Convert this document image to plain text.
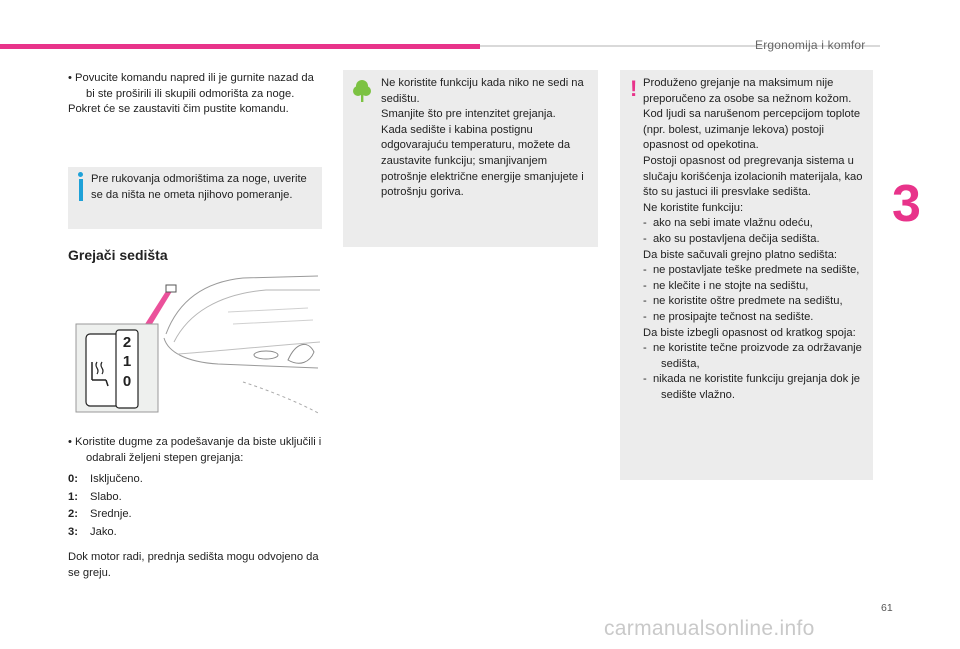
Ergonomija i komfor
3

• Povucite komandu napred ili je gurnite nazad da bi ste proširili ili skupili odmorišta za noge.

Pokret će se zaustaviti čim pustite komandu.

Pre rukovanja odmorištima za noge, uverite se da ništa ne ometa njihovo pomeranje.

Grejači sedišta
2
1
0

• Koristite dugme za podešavanje da biste uključili i odabrali željeni stepen grejanja:

0:	Isključeno.
1:	Slabo.
2:	Srednje.
3:	Jako.

Dok motor radi, prednja sedišta mogu odvojeno da se greju.

Ne koristite funkciju kada niko ne sedi na sedištu.
Smanjite što pre intenzitet grejanja.
Kada sedište i kabina postignu odgovarajuću temperaturu, možete da zaustavite funkciju; smanjivanjem potrošnje električne energije smanjujete i potrošnju goriva.

! Produženo grejanje na maksimum nije preporučeno za osobe sa nežnom kožom.

Kod ljudi sa narušenom percepcijom toplote (npr. bolest, uzimanje lekova) postoji opasnost od opekotina.

Postoji opasnost od pregrevanja sistema u slučaju korišćenja izolacionih materijala, kao što su jastuci ili presvlake sedišta.

Ne koristite funkciju:

-  ako na sebi imate vlažnu odeću,

-  ako su postavljena dečija sedišta.

Da biste sačuvali grejno platno sedišta:

-  ne postavljate teške predmete na sedište,

-  ne klečite i ne stojte na sedištu,

-  ne koristite oštre predmete na sedištu,

-  ne prosipajte tečnost na sedište.

Da biste izbegli opasnost od kratkog spoja:

-  ne koristite tečne proizvode za održavanje sedišta,

-  nikada ne koristite funkciju grejanja dok je sedište vlažno.

61
carmanualsonline.info
